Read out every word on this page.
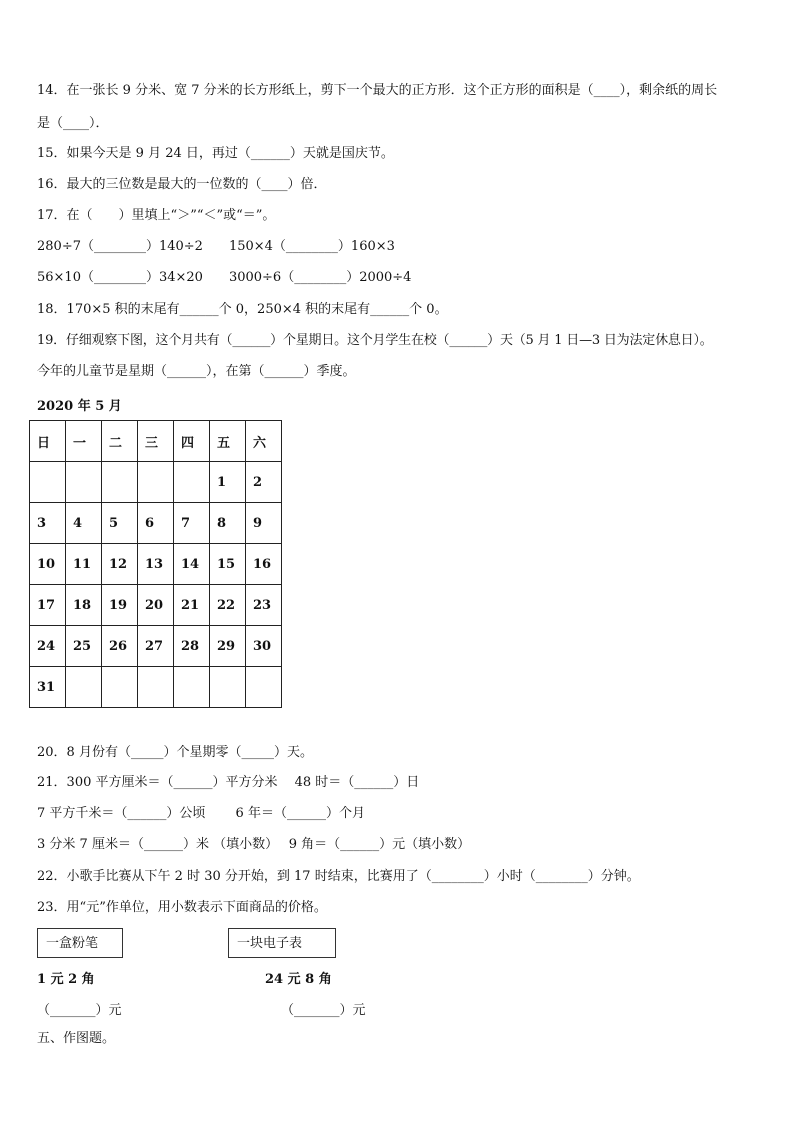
14．在一张长 9 分米、宽 7 分米的长方形纸上，剪下一个最大的正方形．这个正方形的面积是（____），剩余纸的周长
是（____）．
15．如果今天是 9 月 24 日，再过（______）天就是国庆节。
16．最大的三位数是最大的一位数的（____）倍．
17．在（　　）里填上“＞”“＜”或“＝”。
280÷7（________）140÷2　　150×4（________）160×3
56×10（________）34×20　　3000÷6（________）2000÷4
18．170×5 积的末尾有______个 0，250×4 积的末尾有______个 0。
19．仔细观察下图，这个月共有（______）个星期日。这个月学生在校（______）天（5 月 1 日—3 日为法定休息日）。
今年的儿童节是星期（______），在第（______）季度。
2020 年 5 月
日	一	二	三	四	五	六
					1	2
3	4	5	6	7	8	9
10	11	12	13	14	15	16
17	18	19	20	21	22	23
24	25	26	27	28	29	30
31						
20．8 月份有（_____）个星期零（_____）天。
21．300 平方厘米＝（______）平方分米　 48 时＝（______）日
7 平方千米＝（______）公顷　　 6 年＝（______）个月
3 分米 7 厘米＝（______）米 （填小数）　 9 角＝（______）元（填小数）
22．小歌手比赛从下午 2 时 30 分开始，到 17 时结束，比赛用了（________）小时（________）分钟。
23．用“元”作单位，用小数表示下面商品的价格。
一盒粉笔	一块电子表
1 元 2 角	24 元 8 角
（_______）元	（_______）元
五、作图题。
